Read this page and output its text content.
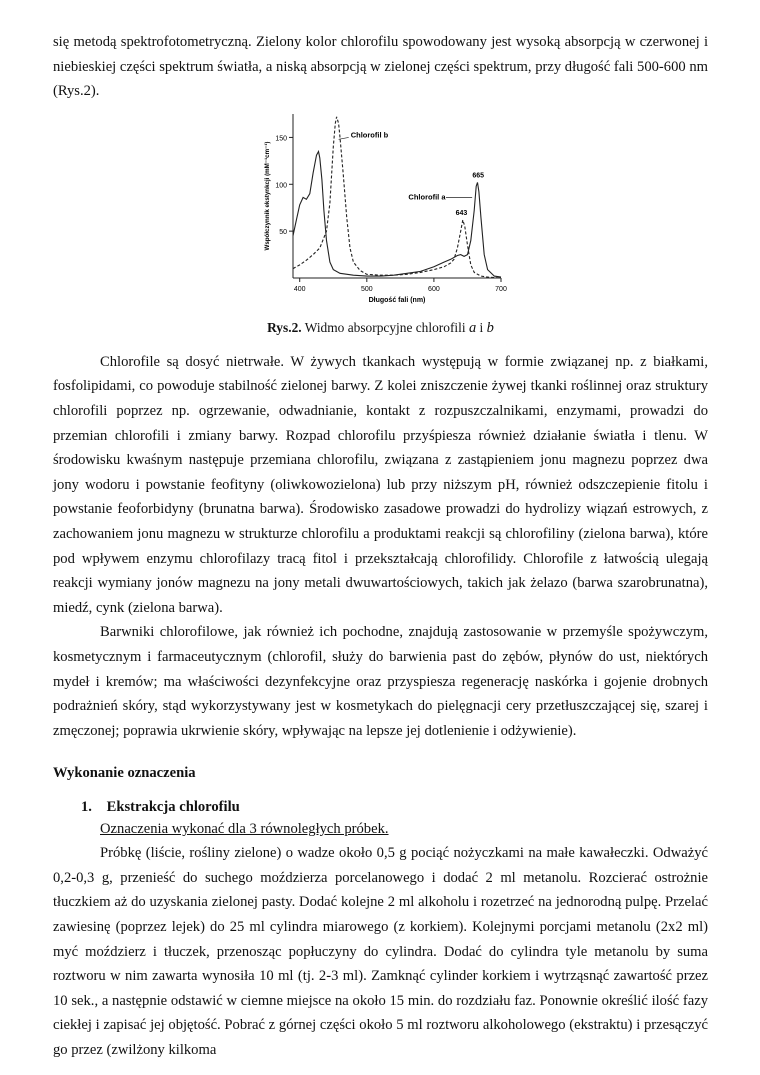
się metodą spektrofotometryczną. Zielony kolor chlorofilu spowodowany jest wysoką absorpcją w czerwonej i niebieskiej części spektrum światła, a niską absorpcją w zielonej części spektrum, przy długość fali 500-600 nm (Rys.2).

400	500	600	700
50
100
150
Długość fali (nm)
Współczynnik ekstynkcji (mM⁻¹cm⁻¹)
Chlorofil b
Chlorofil a
665
643
Rys.2. Widmo absorpcyjne chlorofili a i b

Chlorofile są dosyć nietrwałe. W żywych tkankach występują w formie związanej np. z białkami, fosfolipidami, co powoduje stabilność zielonej barwy. Z kolei zniszczenie żywej tkanki roślinnej oraz struktury chlorofili poprzez np. ogrzewanie, odwadnianie, kontakt z rozpuszczalnikami, enzymami, prowadzi do przemian chlorofili i zmiany barwy. Rozpad chlorofilu przyśpiesza również działanie światła i tlenu. W środowisku kwaśnym następuje przemiana chlorofilu, związana z zastąpieniem jonu magnezu poprzez dwa jony wodoru i powstanie feofityny (oliwkowozielona) lub przy niższym pH, również odszczepienie fitolu i powstanie feoforbidyny (brunatna barwa). Środowisko zasadowe prowadzi do hydrolizy wiązań estrowych, z zachowaniem jonu magnezu w strukturze chlorofilu a produktami reakcji są chlorofiliny (zielona barwa), które pod wpływem enzymu chlorofilazy tracą fitol i przekształcają chlorofilidy. Chlorofile z łatwością ulegają reakcji wymiany jonów magnezu na jony metali dwuwartościowych, takich jak żelazo (barwa szarobrunatna), miedź, cynk (zielona barwa).

Barwniki chlorofilowe, jak również ich pochodne, znajdują zastosowanie w przemyśle spożywczym, kosmetycznym i farmaceutycznym (chlorofil, służy do barwienia past do zębów, płynów do ust, niektórych mydeł i kremów; ma właściwości dezynfekcyjne oraz przyspiesza regenerację naskórka i gojenie drobnych podrażnień skóry, stąd wykorzystywany jest w kosmetykach do pielęgnacji cery przetłuszczającej się, szarej i zmęczonej; poprawia ukrwienie skóry, wpływając na lepsze jej dotlenienie i odżywienie).

Wykonanie oznaczenia
1. Ekstrakcja chlorofilu
Oznaczenia wykonać dla 3 równoległych próbek.

Próbkę (liście, rośliny zielone) o wadze około 0,5 g pociąć nożyczkami na małe kawałeczki. Odważyć 0,2-0,3 g, przenieść do suchego moździerza porcelanowego i dodać 2 ml metanolu. Rozcierać ostrożnie tłuczkiem aż do uzyskania zielonej pasty. Dodać kolejne 2 ml alkoholu i rozetrzeć na jednorodną pulpę. Przelać zawiesinę (poprzez lejek) do 25 ml cylindra miarowego (z korkiem). Kolejnymi porcjami metanolu (2x2 ml) myć moździerz i tłuczek, przenosząc popłuczyny do cylindra. Dodać do cylindra tyle metanolu by suma roztworu w nim zawarta wynosiła 10 ml (tj. 2-3 ml). Zamknąć cylinder korkiem i wytrząsnąć zawartość przez 10 sek., a następnie odstawić w ciemne miejsce na około 15 min. do rozdziału faz. Ponownie określić ilość fazy ciekłej i zapisać jej objętość. Pobrać z górnej części około 5 ml roztworu alkoholowego (ekstraktu) i przesączyć go przez (zwilżony kilkoma
